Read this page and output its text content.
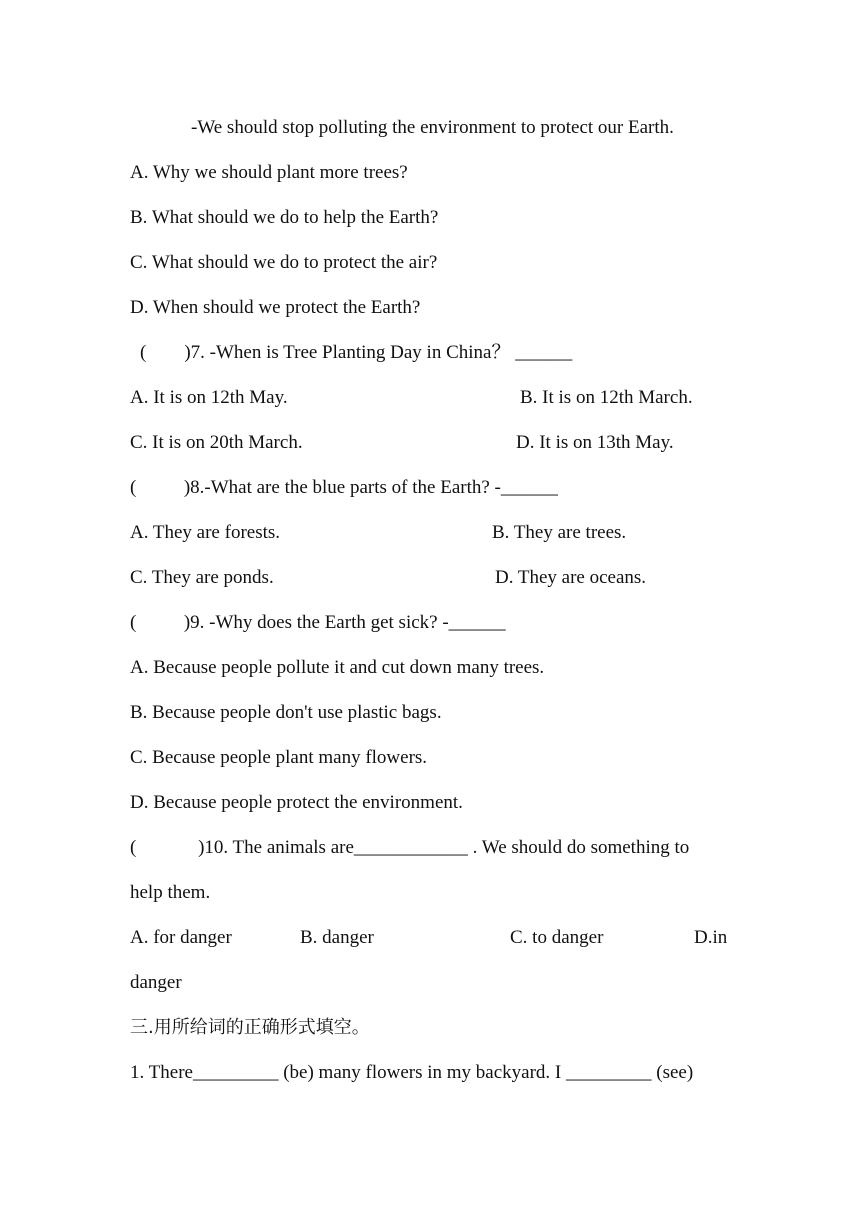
-We should stop polluting the environment to protect our Earth.
A. Why we should plant more trees?
B. What should we do to help the Earth?
C. What should we do to protect the air?
D. When should we protect the Earth?
(        )7. -When is Tree Planting Day in China？ ______
A. It is on 12th May.	B. It is on 12th March.
C. It is on 20th March.	D. It is on 13th May.
(          )8.-What are the blue parts of the Earth? -______
A. They are forests.	B. They are trees.
C. They are ponds.	D. They are oceans.
(          )9. -Why does the Earth get sick? -______
A. Because people pollute it and cut down many trees.
B. Because people don't use plastic bags.
C. Because people plant many flowers.
D. Because people protect the environment.
(             )10. The animals are____________ . We should do something to
help them.
A. for danger	B. danger	C. to danger	D.in
danger
三.用所给词的正确形式填空。
1. There_________ (be) many flowers in my backyard. I _________ (see)
